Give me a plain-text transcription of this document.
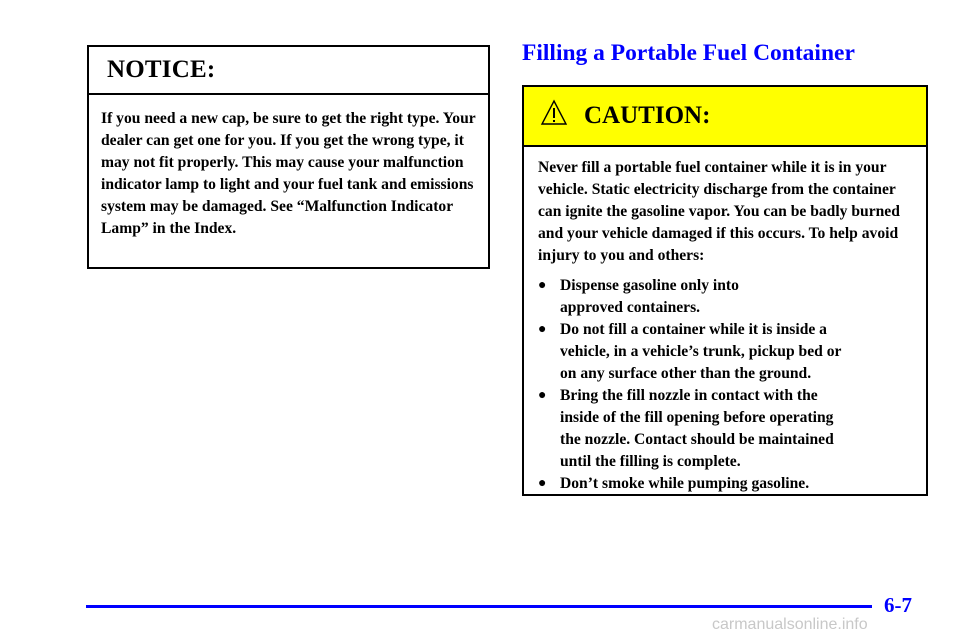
NOTICE:
If you need a new cap, be sure to get the right type. Your dealer can get one for you. If you get the wrong type, it may not fit properly. This may cause your malfunction indicator lamp to light and your fuel tank and emissions system may be damaged. See “Malfunction Indicator Lamp” in the Index.
Filling a Portable Fuel Container
CAUTION:
Never fill a portable fuel container while it is in your vehicle. Static electricity discharge from the container can ignite the gasoline vapor. You can be badly burned and your vehicle damaged if this occurs. To help avoid injury to you and others:
● Dispense gasoline only into
approved containers.
● Do not fill a container while it is inside a
vehicle, in a vehicle’s trunk, pickup bed or
on any surface other than the ground.
● Bring the fill nozzle in contact with the
inside of the fill opening before operating
the nozzle. Contact should be maintained
until the filling is complete.
● Don’t smoke while pumping gasoline.
6-7
carmanualsonline.info
